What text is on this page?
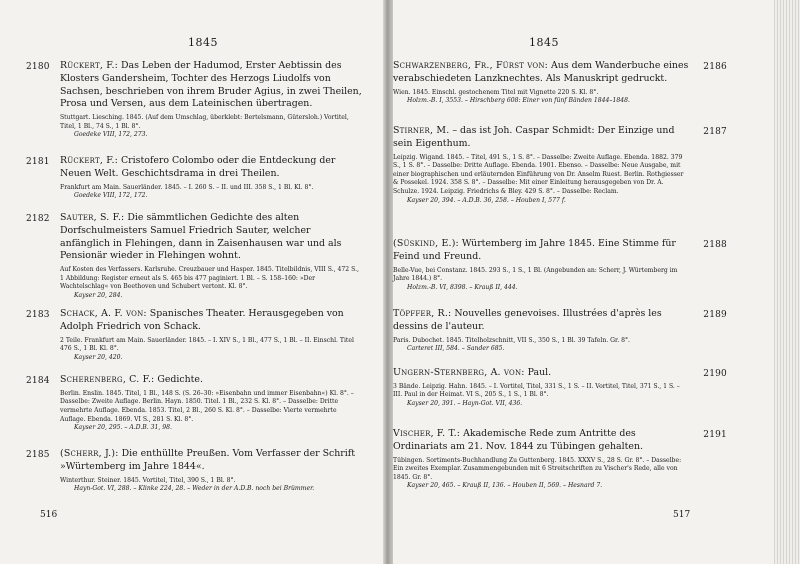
1845
2180 Rückert, F.: Das Leben der Hadumod, Erster Aebtissin des Klosters Gandersheim, Tochter des Herzogs Liudolfs von Sachsen, beschrieben von ihrem Bruder Agius, in zwei Theilen, Prosa und Versen, aus dem Lateinischen übertragen.
Stuttgart. Liesching. 1845. (Auf dem Umschlag, überklebt: Bertelsmann, Gütersloh.) Vortitel, Titel, 1 Bl., 74 S., 1 Bl. 8°.
Goedeke VIII, 172, 273.
2181 Rückert, F.: Cristofero Colombo oder die Entdeckung der Neuen Welt. Geschichtsdrama in drei Theilen.
Frankfurt am Main. Sauerländer. 1845. – I. 260 S. – II. und III. 358 S., 1 Bl. Kl. 8°.
Goedeke VIII, 172, 172.
2182 Sauter, S. F.: Die sämmtlichen Gedichte des alten Dorfschulmeisters Samuel Friedrich Sauter, welcher anfänglich in Flehingen, dann in Zaisenhausen war und als Pensionär wieder in Flehingen wohnt.
Auf Kosten des Verfassers. Karlsruhe. Creuzbauer und Hasper. 1845. Titelbildnis, VIII S., 472 S., 1 Abbildung: Register erneut als S. 465 bis 477 paginiert. 1 Bl. – S. 158–160: »Der Wachtelschlag« von Beethoven und Schubert vertont. Kl. 8°.
Kayser 20, 284.
2183 Schack, A. F. von: Spanisches Theater. Herausgegeben von Adolph Friedrich von Schack.
2 Teile. Frankfurt am Main. Sauerländer. 1845. – I. XIV S., 1 Bl., 477 S., 1 Bl. – II. Einschl. Titel 476 S., 1 Bl. Kl. 8°.
Kayser 20, 420.
2184 Scherenberg, C. F.: Gedichte.
Berlin. Enslin. 1845. Titel, 1 Bl., 148 S. (S. 26–30: »Eisenbahn und immer Eisenbahn«) Kl. 8°. – Dasselbe: Zweite Auflage. Berlin. Hayn. 1850. Titel. 1 Bl., 232 S. Kl. 8°. – Dasselbe: Dritte vermehrte Auflage. Ebenda. 1853. Titel, 2 Bl., 260 S. Kl. 8°. – Dasselbe: Vierte vermehrte Auflage. Ebenda. 1869. VI S., 281 S. Kl. 8°.
Kayser 20, 295. – A.D.B. 31, 98.
2185 (Scherr, J.): Die enthüllte Preußen. Vom Verfasser der Schrift »Würtemberg im Jahre 1844«.
Winterthur. Steiner. 1845. Vortitel, Titel, 390 S., 1 Bl. 8°.
Hayn-Got. VI, 288. – Klinke 224, 28. – Weder in der A.D.B. noch bei Brümmer.
516
1845
2186
Schwarzenberg, Fr., Fürst von: Aus dem Wanderbuche eines verabschiedeten Lanzknechtes. Als Manuskript gedruckt.
Wien. 1845. Einschl. gestochenem Titel mit Vignette 220 S. Kl. 8°.
Holzm.-B. I, 3553. – Hirschberg 608: Einer von fünf Bänden 1844–1848.
2187
Stirner, M. – das ist Joh. Caspar Schmidt: Der Einzige und sein Eigenthum.
Leipzig. Wigand. 1845. – Titel, 491 S., 1 S. 8°. – Dasselbe: Zweite Auflage. Ebenda. 1882. 379 S., 1 S. 8°. – Dasselbe: Dritte Auflage. Ebenda. 1901. Ebenso. – Dasselbe: Neue Ausgabe, mit einer biographischen und erläuternden Einführung von Dr. Anselm Ruest. Berlin. Rothgiesser & Possekel. 1924. 358 S. 8°. – Dasselbe: Mit einer Einleitung herausgegeben von Dr. A. Schulze. 1924. Leipzig. Friedrichs & Bley. 429 S. 8°. – Dasselbe: Reclam.
Kayser 20, 394. – A.D.B. 36, 258. – Houben I, 577 f.
2188
(Süskind, E.): Würtemberg im Jahre 1845. Eine Stimme für Feind und Freund.
Belle-Vue, bei Constanz. 1845. 293 S., 1 S., 1 Bl. (Angebunden an: Scherr, J. Würtemberg im Jahre 1844.) 8°.
Holzm.-B. VI, 8398. – Krauß II, 444.
2189
Töpffer, R.: Nouvelles genevoises. Illustrées d'après les dessins de l'auteur.
Paris. Dubochet. 1845. Titelholzschnitt, VII S., 350 S., 1 Bl. 39 Tafeln. Gr. 8°.
Carteret III, 584. – Sander 685.
2190
Ungern-Sternberg, A. von: Paul.
3 Bände. Leipzig. Hahn. 1845. – I. Vortitel, Titel, 331 S., 1 S. – II. Vortitel, Titel, 371 S., 1 S. – III. Paul in der Heimat. VI S., 205 S., 1 S., 1 Bl. 8°.
Kayser 20, 391. – Hayn-Got. VII, 436.
2191
Vischer, F. T.: Akademische Rede zum Antritte des Ordinariats am 21. Nov. 1844 zu Tübingen gehalten.
Tübingen. Sortiments-Buchhandlung Zu Guttenberg. 1845. XXXV S., 28 S. Gr. 8°. – Dasselbe: Ein zweites Exemplar. Zusammengebunden mit 6 Streitschriften zu Vischer's Rede, alle von 1845. Gr. 8°.
Kayser 20, 465. – Krauß II, 136. – Houben II, 569. – Hesnard 7.
517
